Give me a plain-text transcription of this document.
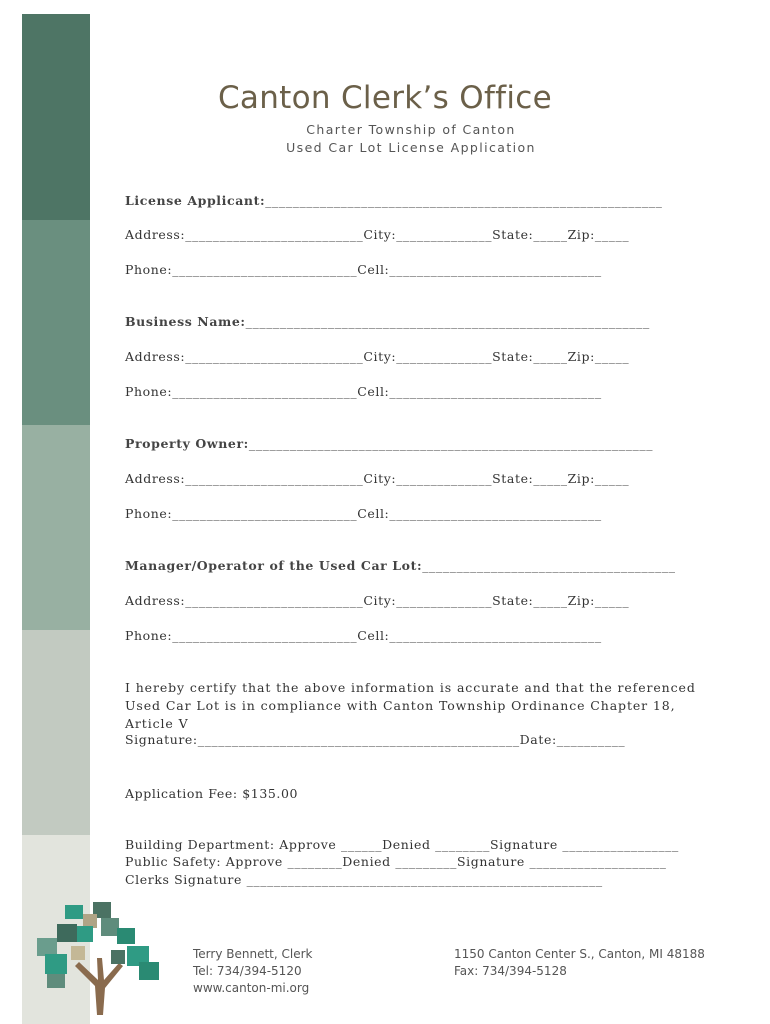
Canton Clerk’s Office
Charter Township of Canton
Used Car Lot License Application
License Applicant:__________________________________________________________
Address:__________________________City:______________State:_____Zip:_____
Phone:___________________________Cell:_______________________________
Business Name:___________________________________________________________
Address:__________________________City:______________State:_____Zip:_____
Phone:___________________________Cell:_______________________________
Property Owner:___________________________________________________________
Address:__________________________City:______________State:_____Zip:_____
Phone:___________________________Cell:_______________________________
Manager/Operator of the Used Car Lot:_____________________________________
Address:__________________________City:______________State:_____Zip:_____
Phone:___________________________Cell:_______________________________
I hereby certify that the above information is accurate and that the referenced Used Car Lot is in compliance with Canton Township Ordinance Chapter 18, Article V
Signature:_______________________________________________Date:__________
Application Fee: $135.00
Building Department: Approve ______Denied ________Signature _________________
Public Safety: Approve ________Denied _________Signature ____________________
Clerks Signature ____________________________________________________
Terry Bennett, Clerk
Tel: 734/394-5120
www.canton-mi.org
1150 Canton Center S., Canton, MI 48188
Fax: 734/394-5128
